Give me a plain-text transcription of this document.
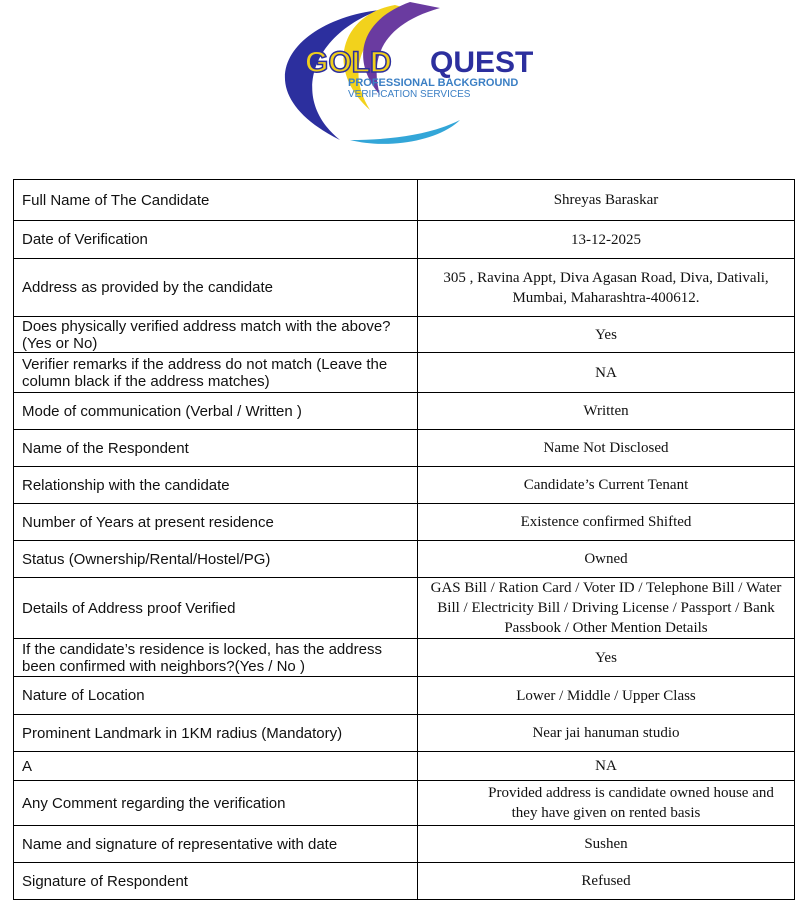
GOLD QUEST
PROFESSIONAL BACKGROUND
VERIFICATION SERVICES
Full Name of The Candidate	Shreyas Baraskar
Date of Verification	13-12-2025
Address as provided by the candidate	305 , Ravina Appt, Diva Agasan Road, Diva, Dativali, Mumbai, Maharashtra-400612.
Does physically verified address match with the above? (Yes or No)	Yes
Verifier remarks if the address do not match (Leave the column black if the address matches)	NA
Mode of communication (Verbal / Written )	Written
Name of the Respondent	Name Not Disclosed
Relationship with the candidate	Candidate’s Current Tenant
Number of Years at present residence	Existence confirmed Shifted
Status (Ownership/Rental/Hostel/PG)	Owned
Details of Address proof Verified	GAS Bill / Ration Card / Voter ID / Telephone Bill / Water Bill / Electricity Bill / Driving License / Passport / Bank Passbook / Other Mention Details
If the candidate’s residence is locked, has the address been confirmed with neighbors?(Yes / No )	Yes
Nature of Location	Lower / Middle / Upper Class
Prominent Landmark in 1KM radius (Mandatory)	Near jai hanuman studio
A	NA
Any Comment regarding the verification	Provided address is candidate owned house and
they have given on rented basis

Name and signature of representative with date	Sushen
Signature of Respondent	Refused
